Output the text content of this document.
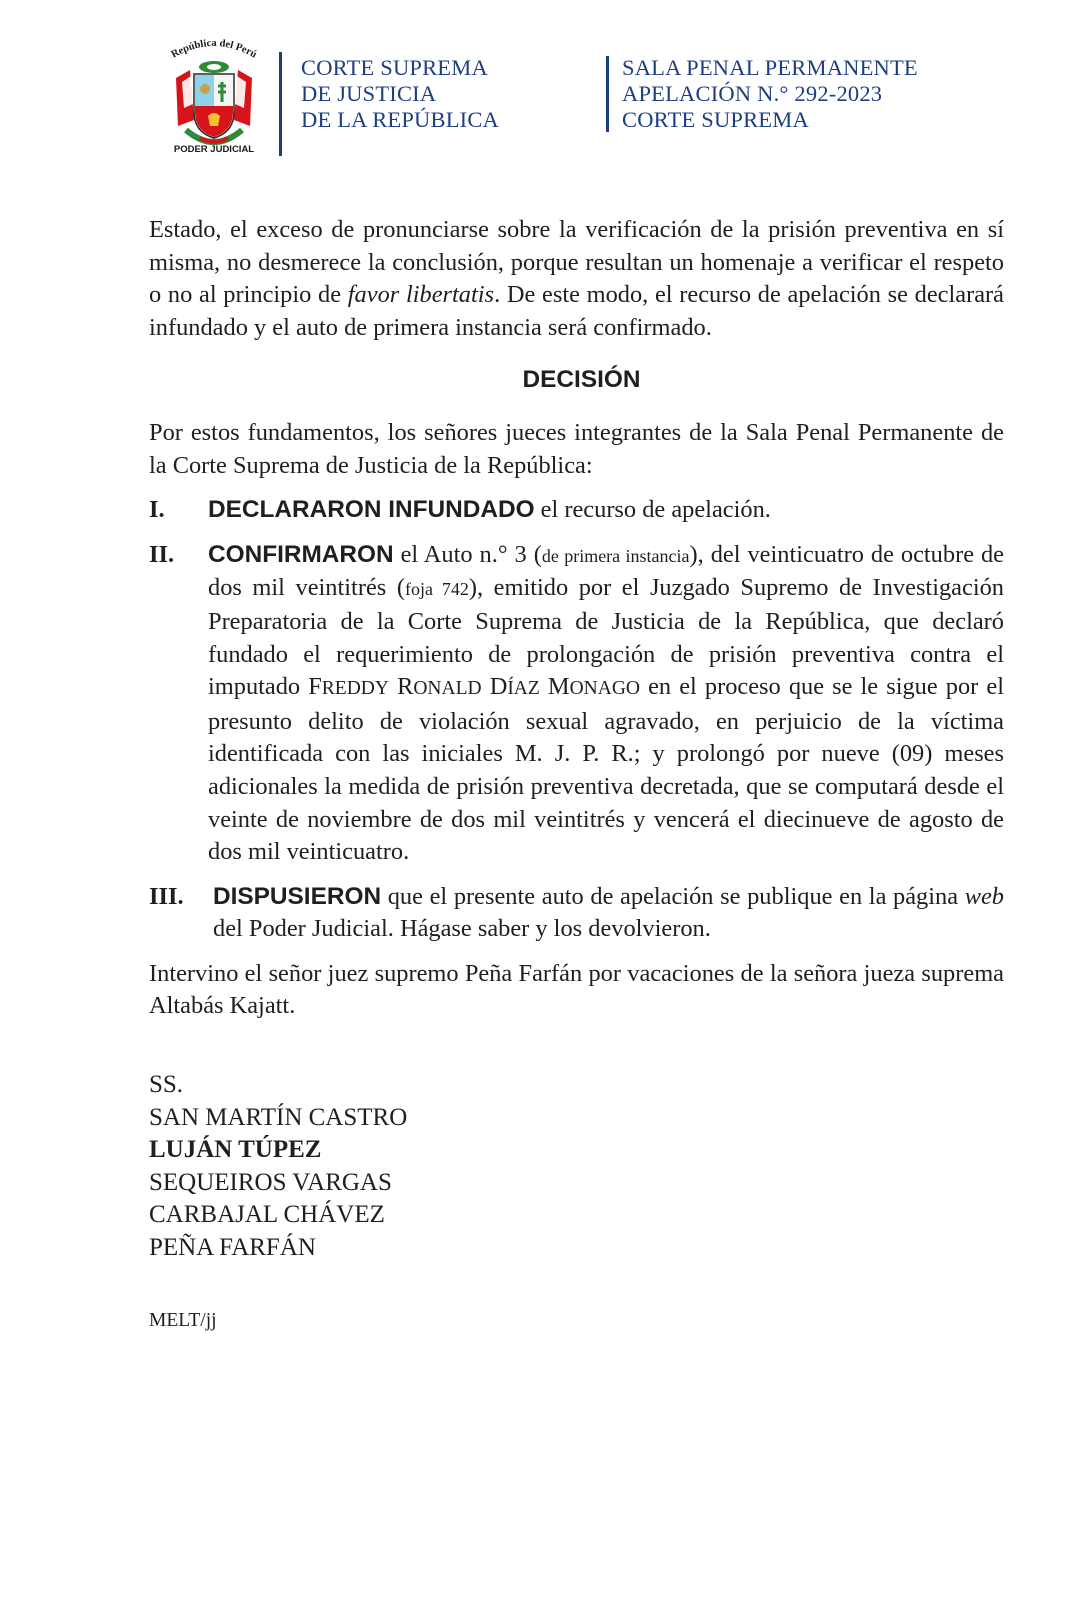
República del Perú
PODER JUDICIAL
CORTE SUPREMA
DE JUSTICIA
DE LA REPÚBLICA
SALA PENAL PERMANENTE
APELACIÓN N.° 292-2023
CORTE SUPREMA

Estado, el exceso de pronunciarse sobre la verificación de la prisión preventiva en sí misma, no desmerece la conclusión, porque resultan un homenaje a verificar el respeto o no al principio de favor libertatis. De este modo, el recurso de apelación se declarará infundado y el auto de primera instancia será confirmado.

DECISIÓN

Por estos fundamentos, los señores jueces integrantes de la Sala Penal Permanente de la Corte Suprema de Justicia de la República:

I. DECLARARON INFUNDADO el recurso de apelación.

II. CONFIRMARON el Auto n.° 3 (de primera instancia), del veinticuatro de octubre de dos mil veintitrés (foja 742), emitido por el Juzgado Supremo de Investigación Preparatoria de la Corte Suprema de Justicia de la República, que declaró fundado el requerimiento de prolongación de prisión preventiva contra el imputado FREDDY RONALD DÍAZ MONAGO en el proceso que se le sigue por el presunto delito de violación sexual agravado, en perjuicio de la víctima identificada con las iniciales M. J. P. R.; y prolongó por nueve (09) meses adicionales la medida de prisión preventiva decretada, que se computará desde el veinte de noviembre de dos mil veintitrés y vencerá el diecinueve de agosto de dos mil veinticuatro.

III. DISPUSIERON que el presente auto de apelación se publique en la página web del Poder Judicial. Hágase saber y los devolvieron.

Intervino el señor juez supremo Peña Farfán por vacaciones de la señora jueza suprema Altabás Kajatt.

SS.
SAN MARTÍN CASTRO
LUJÁN TÚPEZ
SEQUEIROS VARGAS
CARBAJAL CHÁVEZ
PEÑA FARFÁN
MELT/jj
